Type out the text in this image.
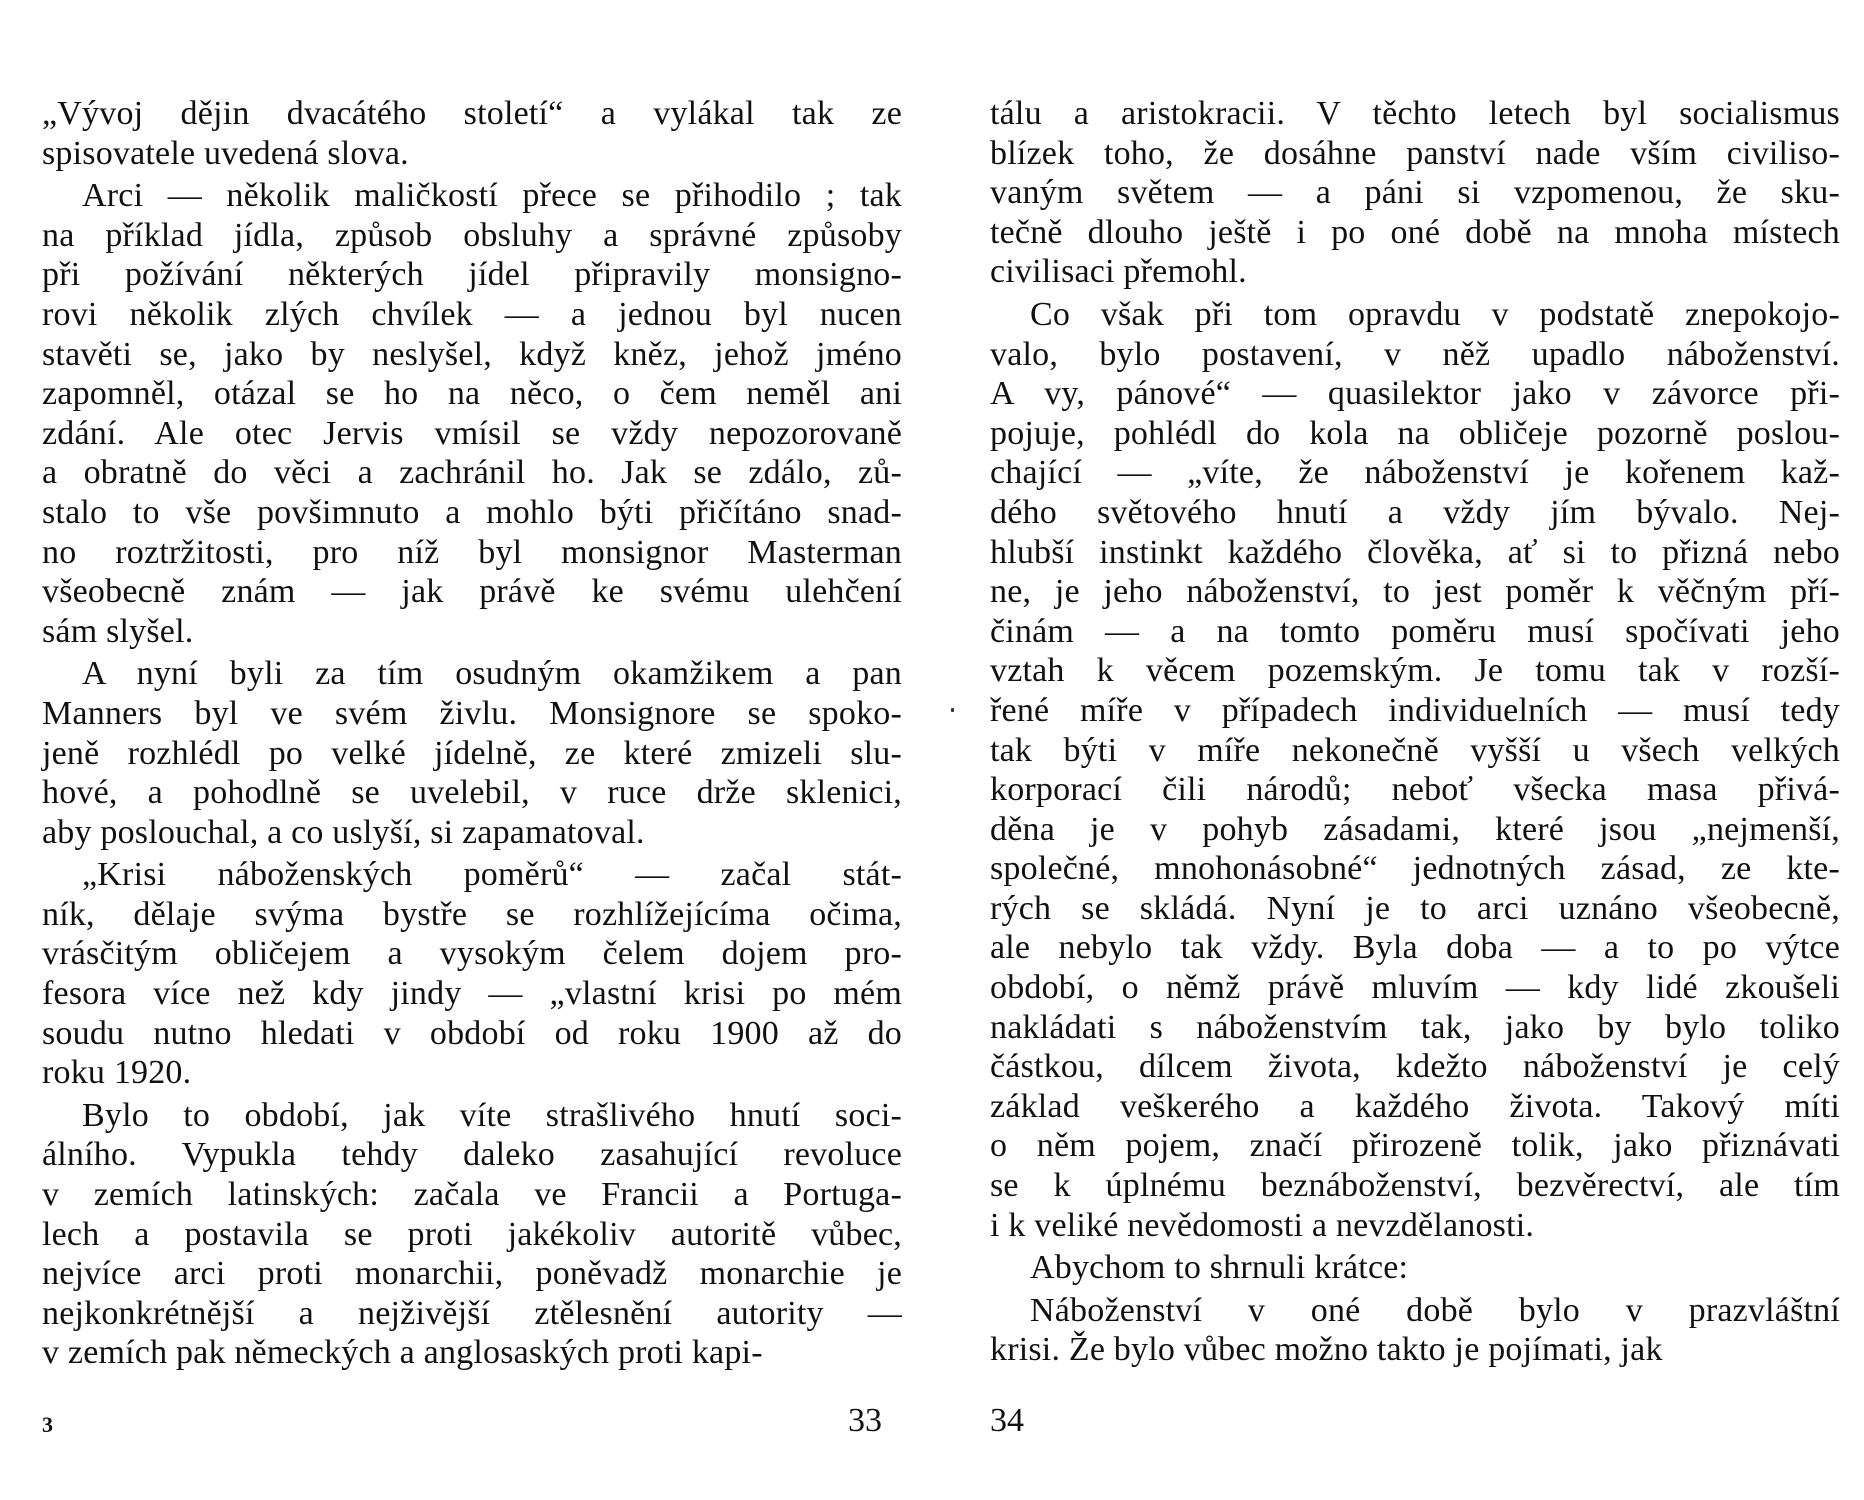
„Vývoj dějin dvacátého století“ a vylákal tak ze
spisovatele uvedená slova.
Arci — několik maličkostí přece se přihodilo ; tak
na příklad jídla, způsob obsluhy a správné způsoby
při požívání některých jídel připravily monsigno-
rovi několik zlých chvílek — a jednou byl nucen
stavěti se, jako by neslyšel, když kněz, jehož jméno
zapomněl, otázal se ho na něco, o čem neměl ani
zdání. Ale otec Jervis vmísil se vždy nepozorovaně
a obratně do věci a zachránil ho. Jak se zdálo, zů-
stalo to vše povšimnuto a mohlo býti přičítáno snad-
no roztržitosti, pro níž byl monsignor Masterman
všeobecně znám — jak právě ke svému ulehčení
sám slyšel.
A nyní byli za tím osudným okamžikem a pan
Manners byl ve svém živlu. Monsignore se spoko-
jeně rozhlédl po velké jídelně, ze které zmizeli slu-
hové, a pohodlně se uvelebil, v ruce drže sklenici,
aby poslouchal, a co uslyší, si zapamatoval.
„Krisi náboženských poměrů“ — začal stát-
ník, dělaje svýma bystře se rozhlížejícíma očima,
vrásčitým obličejem a vysokým čelem dojem pro-
fesora více než kdy jindy — „vlastní krisi po mém
soudu nutno hledati v období od roku 1900 až do
roku 1920.
Bylo to období, jak víte strašlivého hnutí soci-
álního. Vypukla tehdy daleko zasahující revoluce
v zemích latinských: začala ve Francii a Portuga-
lech a postavila se proti jakékoliv autoritě vůbec,
nejvíce arci proti monarchii, poněvadž monarchie je
nejkonkrétnější a nejživější ztělesnění autority —
v zemích pak německých a anglosaských proti kapi-
tálu a aristokracii. V těchto letech byl socialismus
blízek toho, že dosáhne panství nade vším civiliso-
vaným světem — a páni si vzpomenou, že sku-
tečně dlouho ještě i po oné době na mnoha místech
civilisaci přemohl.
Co však při tom opravdu v podstatě znepokojo-
valo, bylo postavení, v něž upadlo náboženství.
A vy, pánové“ — quasilektor jako v závorce při-
pojuje, pohlédl do kola na obličeje pozorně poslou-
chající — „víte, že náboženství je kořenem kaž-
dého světového hnutí a vždy jím bývalo. Nej-
hlubší instinkt každého člověka, ať si to přizná nebo
ne, je jeho náboženství, to jest poměr k věčným pří-
činám — a na tomto poměru musí spočívati jeho
vztah k věcem pozemským. Je tomu tak v rozší-
řené míře v případech individuelních — musí tedy
tak býti v míře nekonečně vyšší u všech velkých
korporací čili národů; neboť všecka masa přivá-
děna je v pohyb zásadami, které jsou „nejmenší,
společné, mnohonásobné“ jednotných zásad, ze kte-
rých se skládá. Nyní je to arci uznáno všeobecně,
ale nebylo tak vždy. Byla doba — a to po výtce
období, o němž právě mluvím — kdy lidé zkoušeli
nakládati s náboženstvím tak, jako by bylo toliko
částkou, dílcem života, kdežto náboženství je celý
základ veškerého a každého života. Takový míti
o něm pojem, značí přirozeně tolik, jako přiznávati
se k úplnému beznáboženství, bezvěrectví, ale tím
i k veliké nevědomosti a nevzdělanosti.
Abychom to shrnuli krátce:
Náboženství v oné době bylo v prazvláštní
krisi. Že bylo vůbec možno takto je pojímati, jak
3	33	34
